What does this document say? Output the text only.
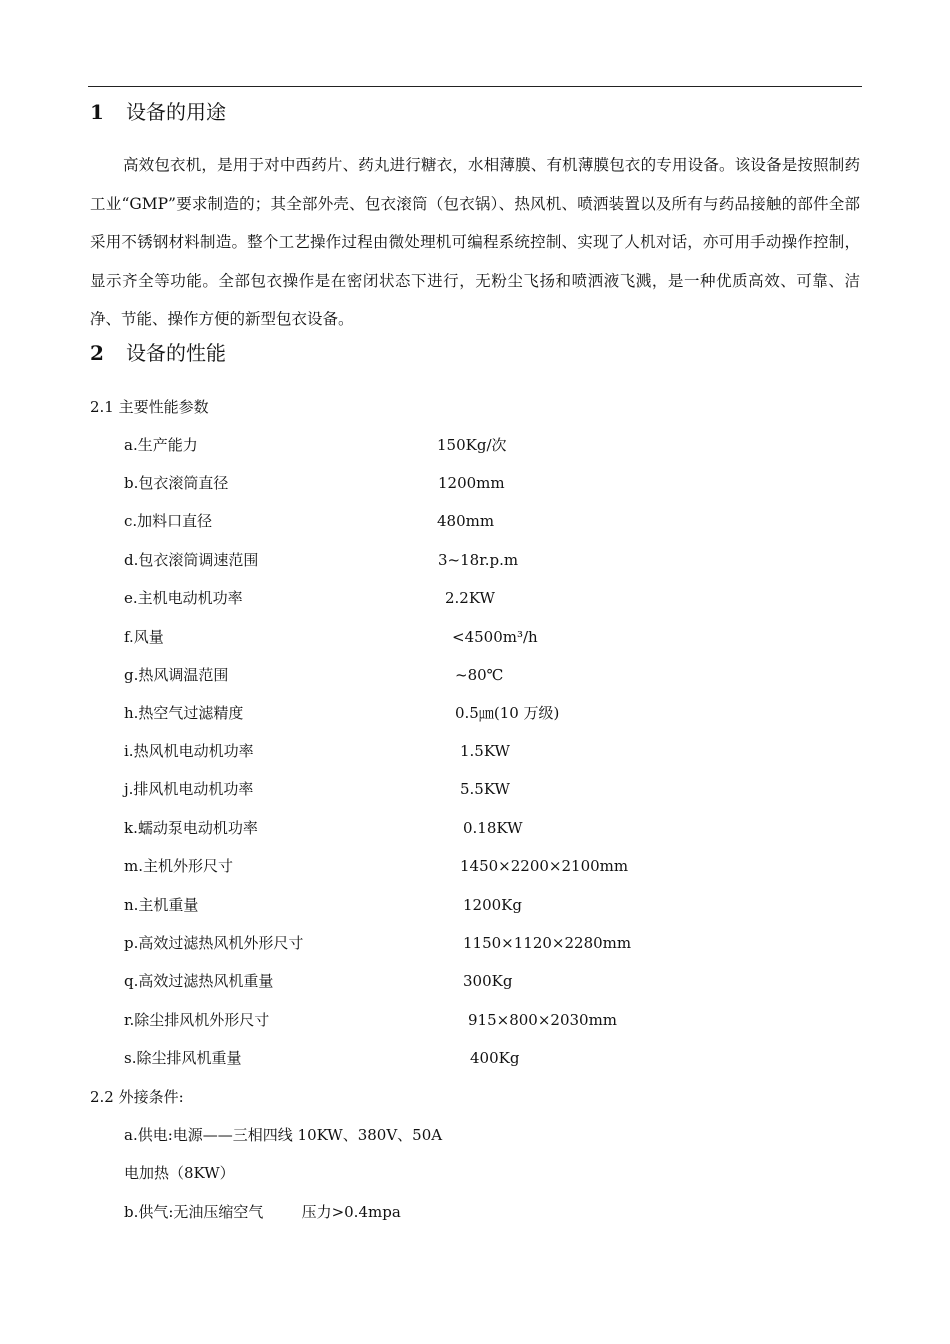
1 设备的用途
高效包衣机，是用于对中西药片、药丸进行糖衣，水相薄膜、有机薄膜包衣的专用设备。该设备是按照制药工业“GMP”要求制造的；其全部外壳、包衣滚筒（包衣锅）、热风机、喷洒装置以及所有与药品接触的部件全部采用不锈钢材料制造。整个工艺操作过程由微处理机可编程系统控制、实现了人机对话，亦可用手动操作控制，显示齐全等功能。全部包衣操作是在密闭状态下进行，无粉尘飞扬和喷洒液飞溅，是一种优质高效、可靠、洁净、节能、操作方便的新型包衣设备。
2 设备的性能
2.1 主要性能参数
a.生产能力	150Kg/次
b.包衣滚筒直径	1200mm
c.加料口直径	480mm
d.包衣滚筒调速范围	3~18r.p.m
e.主机电动机功率	2.2KW
f.风量	<4500m³/h
g.热风调温范围	~80℃
h.热空气过滤精度	0.5㎛(10 万级)
i.热风机电动机功率	1.5KW
j.排风机电动机功率	5.5KW
k.蠕动泵电动机功率	0.18KW
m.主机外形尺寸	1450×2200×2100mm
n.主机重量	1200Kg
p.高效过滤热风机外形尺寸	1150×1120×2280mm
q.高效过滤热风机重量	300Kg
r.除尘排风机外形尺寸	915×800×2030mm
s.除尘排风机重量	400Kg
2.2 外接条件:
a.供电:电源——三相四线 10KW、380V、50A
电加热（8KW）
b.供气:无油压缩空气        压力>0.4mpa
